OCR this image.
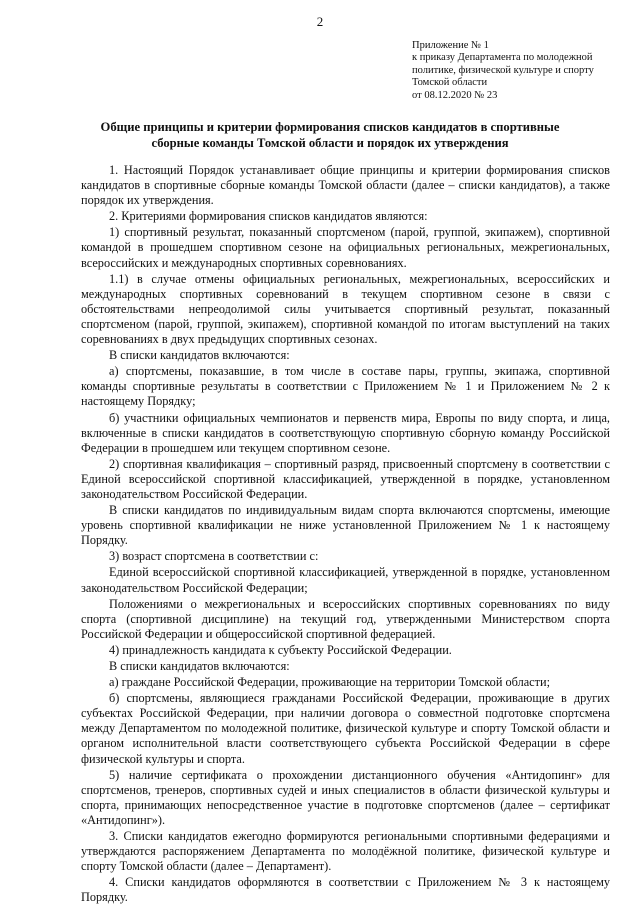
2
Приложение № 1
к приказу Департамента по молодежной
политике, физической культуре и спорту
Томской области
от 08.12.2020 № 23
Общие принципы и критерии формирования списков кандидатов в спортивные
сборные команды Томской области и порядок их утверждения

1. Настоящий Порядок устанавливает общие принципы и критерии формирования списков кандидатов в спортивные сборные команды Томской области (далее – списки кандидатов), а также порядок их утверждения.

2. Критериями формирования списков кандидатов являются:

1) спортивный результат, показанный спортсменом (парой, группой, экипажем), спортивной командой в прошедшем спортивном сезоне на официальных региональных, межрегиональных, всероссийских и международных спортивных соревнованиях.

1.1) в случае отмены официальных региональных, межрегиональных, всероссийских и международных спортивных соревнований в текущем спортивном сезоне в связи с обстоятельствами непреодолимой силы учитывается спортивный результат, показанный спортсменом (парой, группой, экипажем), спортивной командой по итогам выступлений на таких соревнованиях в двух предыдущих спортивных сезонах.

В списки кандидатов включаются:

а) спортсмены, показавшие, в том числе в составе пары, группы, экипажа, спортивной команды спортивные результаты в соответствии с Приложением № 1 и Приложением № 2 к настоящему Порядку;

б) участники официальных чемпионатов и первенств мира, Европы по виду спорта, и лица, включенные в списки кандидатов в соответствующую спортивную сборную команду Российской Федерации в прошедшем или текущем спортивном сезоне.

2) спортивная квалификация – спортивный разряд, присвоенный спортсмену в соответствии с Единой всероссийской спортивной классификацией, утвержденной в порядке, установленном законодательством Российской Федерации.

В списки кандидатов по индивидуальным видам спорта включаются спортсмены, имеющие уровень спортивной квалификации не ниже установленной Приложением № 1 к настоящему Порядку.

3) возраст спортсмена в соответствии с:

Единой всероссийской спортивной классификацией, утвержденной в порядке, установленном законодательством Российской Федерации;

Положениями о межрегиональных и всероссийских спортивных соревнованиях по виду спорта (спортивной дисциплине) на текущий год, утвержденными Министерством спорта Российской Федерации и общероссийской спортивной федерацией.

4) принадлежность кандидата к субъекту Российской Федерации.

В списки кандидатов включаются:

а) граждане Российской Федерации, проживающие на территории Томской области;

б) спортсмены, являющиеся гражданами Российской Федерации, проживающие в других субъектах Российской Федерации, при наличии договора о совместной подготовке спортсмена между Департаментом по молодежной политике, физической культуре и спорту Томской области и органом исполнительной власти соответствующего субъекта Российской Федерации в сфере физической культуры и спорта.

5) наличие сертификата о прохождении дистанционного обучения «Антидопинг» для спортсменов, тренеров, спортивных судей и иных специалистов в области физической культуры и спорта, принимающих непосредственное участие в подготовке спортсменов (далее – сертификат «Антидопинг»).

3. Списки кандидатов ежегодно формируются региональными спортивными федерациями и утверждаются распоряжением Департамента по молодёжной политике, физической культуре и спорту Томской области (далее – Департамент).

4. Списки кандидатов оформляются в соответствии с Приложением № 3 к настоящему Порядку.
